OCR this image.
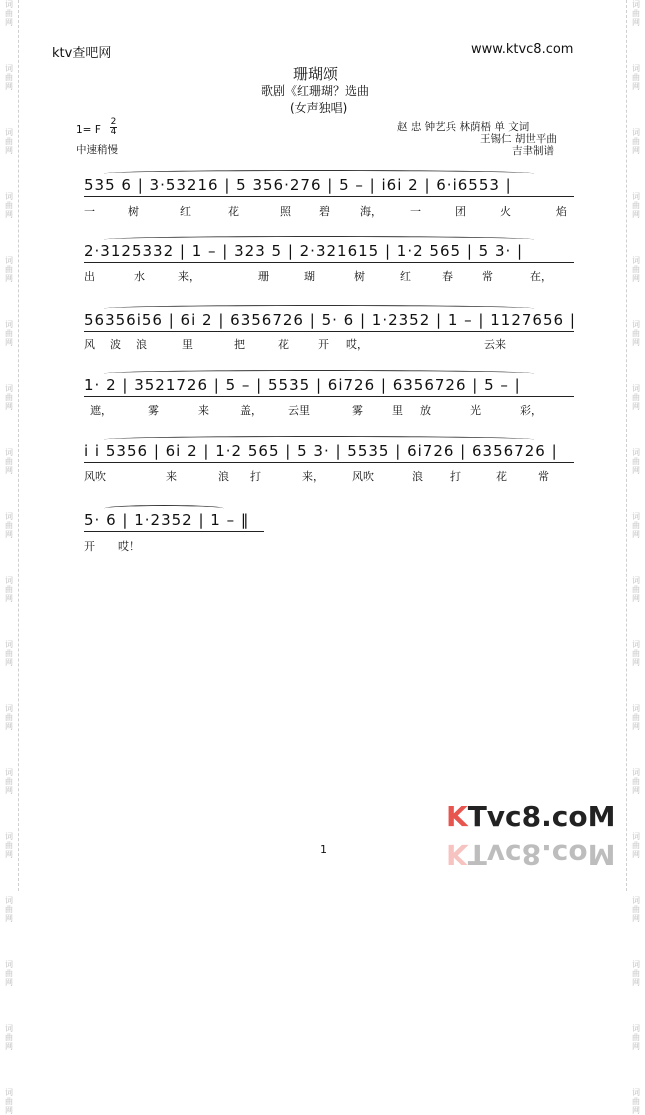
词
曲
网
词
曲
网
词
曲
网
词
曲
网
词
曲
网
词
曲
网
词
曲
网
词
曲
网
词
曲
网
词
曲
网
词
曲
网
词
曲
网
词
曲
网
词
曲
网
词
曲
网
词
曲
网
词
曲
网
词
曲
网
词
曲
网
词
曲
网
词
曲
网
词
曲
网
词
曲
网
词
曲
网
词
曲
网
词
曲
网
词
曲
网
词
曲
网
词
曲
网
词
曲
网
词
曲
网
词
曲
网
词
曲
网
词
曲
网
词
曲
网
词
曲
网
ktv查吧网	www.ktvc8.com
珊瑚颂
歌剧《红珊瑚？选曲
(女声独唱)
1= F
2
4
中速稍慢
赵 忠 钟艺兵 林荫梧 单 文词
王锡仁 胡世平曲
吉聿制谱
535 6 | 3·53216 | 5 356·276 | 5 – | i6i 2 | 6·i6553 |
一	树	红	花	照	碧	海，	一	团	火	焰
2·3125332 | 1 – | 323 5 | 2·321615 | 1·2 565 | 5 3· |
出	水	来，	珊	瑚	树	红	春	常	在，
56356i56 | 6i 2 | 6356726 | 5· 6 | 1·2352 | 1 – | 1127656 |
风 波 浪	里	把	花	开 哎，	云来
1· 2 | 3521726 | 5 – | 5535 | 6i726 | 6356726 | 5 – |
遮，	雾	来	盖， 云里	雾	里 放	光	彩，
i i 5356 | 6i 2 | 1·2 565 | 5 3· | 5535 | 6i726 | 6356726 |
风吹	来	浪 打	来，	风吹	浪 打	花	常
5· 6 | 1·2352 | 1 – ‖
开 哎！
1
KTvc8.coM
KTvc8.coM
